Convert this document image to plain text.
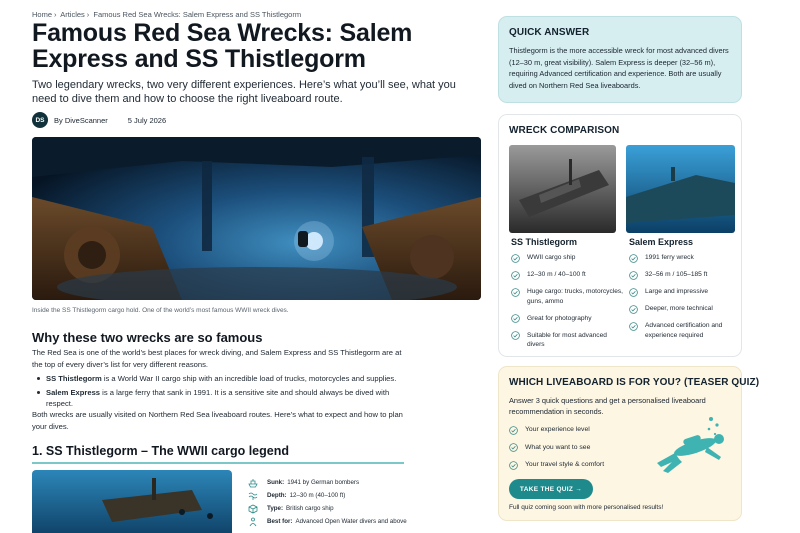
Home › Articles › Famous Red Sea Wrecks: Salem Express and SS Thistlegorm
Famous Red Sea Wrecks: Salem Express and SS Thistlegorm

Two legendary wrecks, two very different experiences. Here’s what you’ll see, what you need to dive them and how to choose the right liveaboard route.

DS	By DiveScanner	5 July 2026
Inside the SS Thistlegorm cargo hold. One of the world’s most famous WWII wreck dives.
Why these two wrecks are so famous

The Red Sea is one of the world’s best places for wreck diving, and Salem Express and SS Thistlegorm are at the top of every diver’s list for very different reasons.

SS Thistlegorm is a World War II cargo ship with an incredible load of trucks, motorcycles and supplies.
Salem Express is a large ferry that sank in 1991. It is a sensitive site and should always be dived with respect.

Both wrecks are usually visited on Northern Red Sea liveaboard routes. Here’s what to expect and how to plan your dives.

1. SS Thistlegorm – The WWII cargo legend
Sunk: 1941 by German bombers
Depth: 12–30 m (40–100 ft)
Type: British cargo ship
Best for: Advanced Open Water divers and above
QUICK ANSWER
Thistlegorm is the more accessible wreck for most advanced divers (12–30 m, great visibility). Salem Express is deeper (32–56 m), requiring Advanced certification and experience. Both are usually dived on Northern Red Sea liveaboards.
WRECK COMPARISON
SS Thistlegorm
WWII cargo ship
12–30 m / 40–100 ft
Huge cargo: trucks, motorcycles, guns, ammo
Great for photography
Suitable for most advanced divers
Salem Express
1991 ferry wreck
32–56 m / 105–185 ft
Large and impressive
Deeper, more technical
Advanced certification and experience required
WHICH LIVEABOARD IS FOR YOU? (TEASER QUIZ)
Answer 3 quick questions and get a personalised liveaboard recommendation in seconds.
Your experience level
What you want to see
Your travel style & comfort
TAKE THE QUIZ →
Full quiz coming soon with more personalised results!
